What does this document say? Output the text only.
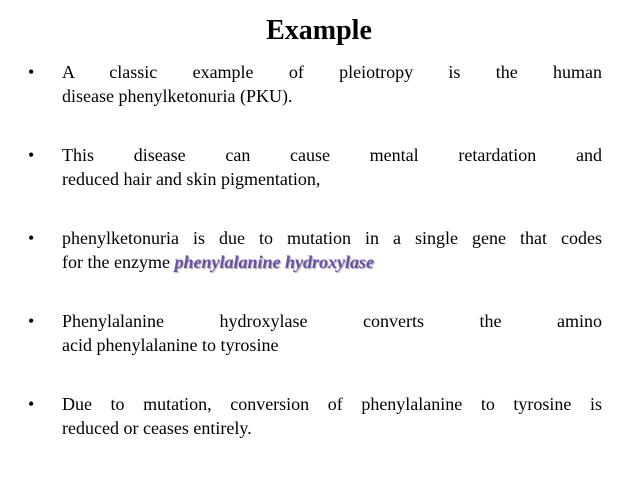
Example
•	A classic example of pleiotropy is the human
disease phenylketonuria (PKU).
•	This disease can cause mental retardation and
reduced hair and skin pigmentation,
•	phenylketonuria is due to mutation in a single gene that codes
for the enzyme phenylalanine hydroxylase
•	Phenylalanine hydroxylase converts the amino
acid phenylalanine to tyrosine
•	Due to mutation, conversion of phenylalanine to tyrosine is
reduced or ceases entirely.
